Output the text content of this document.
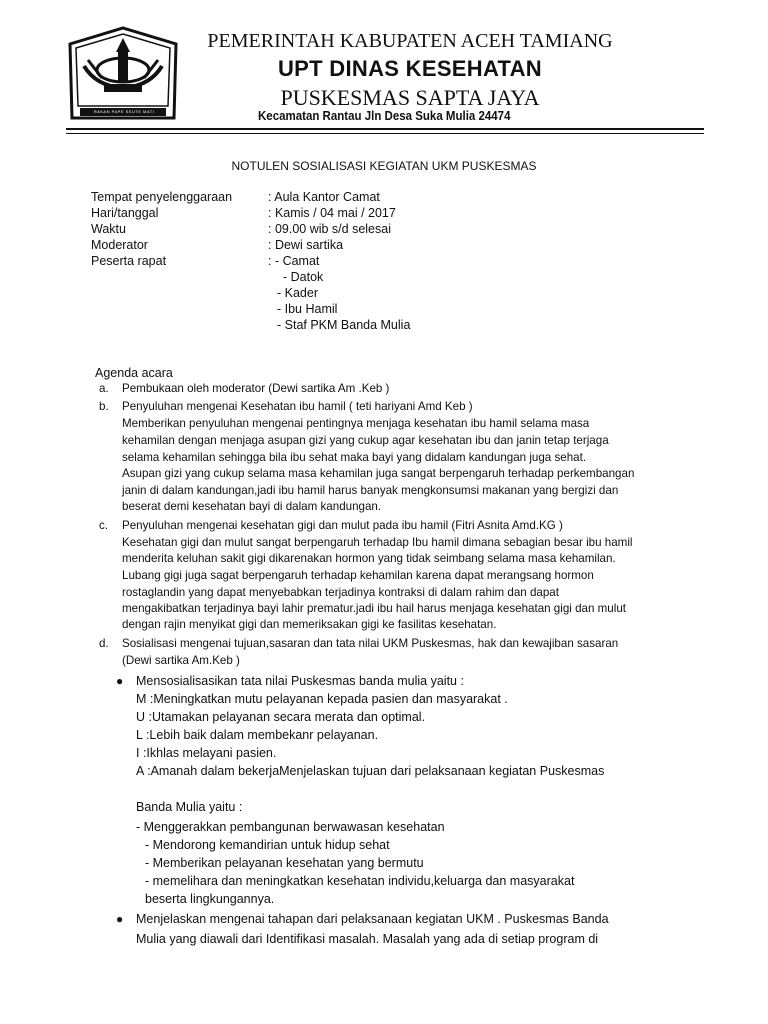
RAKAN PAPE SEUTE MATI
PEMERINTAH KABUPATEN ACEH TAMIANG
UPT DINAS KESEHATAN
PUSKESMAS SAPTA JAYA
Kecamatan Rantau Jln Desa Suka Mulia 24474
NOTULEN SOSIALISASI KEGIATAN UKM PUSKESMAS
Tempat penyelenggaraan	: Aula Kantor Camat
Hari/tanggal	: Kamis / 04 mai / 2017
Waktu	: 09.00 wib s/d selesai
Moderator	: Dewi sartika
Peserta rapat	: - Camat
- Datok
- Kader
- Ibu Hamil
- Staf PKM Banda Mulia
Agenda acara
a. Pembukaan oleh moderator (Dewi sartika Am .Keb )
b. Penyuluhan mengenai Kesehatan ibu hamil ( teti hariyani Amd Keb )
Memberikan penyuluhan mengenai pentingnya menjaga kesehatan ibu hamil selama masa
kehamilan dengan menjaga asupan gizi yang cukup agar kesehatan ibu dan janin tetap terjaga
selama kehamilan sehingga bila ibu sehat maka bayi yang didalam kandungan juga sehat.
Asupan gizi yang cukup selama masa kehamilan juga sangat berpengaruh terhadap perkembangan
janin di dalam kandungan,jadi ibu hamil harus banyak mengkonsumsi makanan yang bergizi dan
beserat demi kesehatan bayi di dalam kandungan.
c. Penyuluhan mengenai kesehatan gigi dan mulut pada ibu hamil (Fitri Asnita Amd.KG )
Kesehatan gigi dan mulut sangat berpengaruh terhadap Ibu hamil dimana sebagian besar ibu hamil
menderita keluhan sakit gigi dikarenakan hormon yang tidak seimbang selama masa kehamilan.
Lubang gigi juga sagat berpengaruh terhadap kehamilan karena dapat merangsang hormon
rostaglandin yang dapat menyebabkan terjadinya kontraksi di dalam rahim dan dapat
mengakibatkan terjadinya bayi lahir prematur.jadi ibu hail harus menjaga kesehatan gigi dan mulut
dengan rajin menyikat gigi dan memeriksakan gigi ke fasilitas kesehatan.
d. Sosialisasi mengenai tujuan,sasaran dan tata nilai UKM Puskesmas, hak dan kewajiban sasaran
(Dewi sartika Am.Keb )
● Mensosialisasikan tata nilai Puskesmas banda mulia yaitu :
M :Meningkatkan mutu pelayanan kepada pasien dan masyarakat .
U :Utamakan pelayanan secara merata dan optimal.
L :Lebih baik dalam membekanr pelayanan.
I :Ikhlas melayani pasien.
A :Amanah dalam bekerjaMenjelaskan tujuan dari pelaksanaan kegiatan Puskesmas
Banda Mulia yaitu :
- Menggerakkan pembangunan berwawasan kesehatan
- Mendorong kemandirian untuk hidup sehat
- Memberikan pelayanan kesehatan yang bermutu
- memelihara dan meningkatkan kesehatan individu,keluarga dan masyarakat
beserta lingkungannya.
● Menjelaskan mengenai tahapan dari pelaksanaan kegiatan UKM . Puskesmas Banda
Mulia yang diawali dari Identifikasi masalah. Masalah yang ada di setiap program di
